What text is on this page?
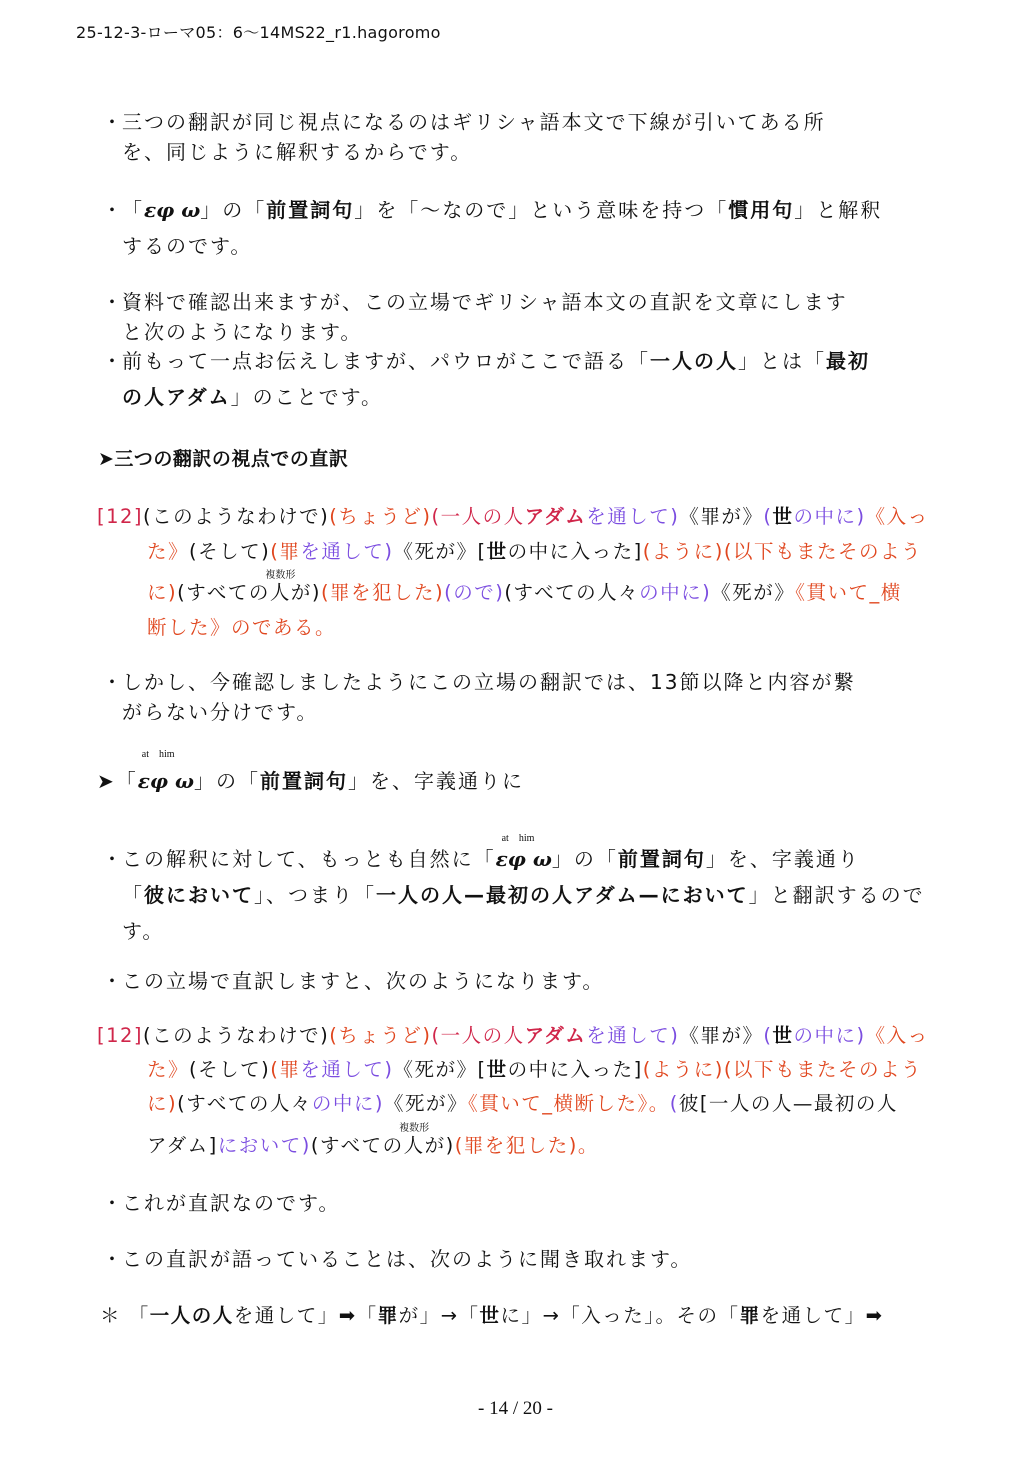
25-12-3-ローマ05：6〜14MS22_r1.hagoromo
・
三つの翻訳が同じ視点になるのはギリシャ語本文で下線が引いてある所
を、同じように解釈するからです。
・
「εφ ω」の「前置詞句」を「〜なので」という意味を持つ「慣用句」と解釈
するのです。
・
資料で確認出来ますが、この立場でギリシャ語本文の直訳を文章にします
と次のようになります。
・
前もって一点お伝えしますが、パウロがここで語る「一人の人」とは「最初
の人アダム」のことです。
➤三つの翻訳の視点での直訳
[12](このようなわけで)(ちょうど)(一人の人アダムを通して)《罪が》(世の中に)《入っ
た》(そして)(罪を通して)《死が》[世の中に入った](ように)(以下もまたそのよう
に)(すべての
複数形
人が)(罪を犯した)(ので)(すべての人々の中に)《死が》《貫いて_横
断した》のである。
・
しかし、今確認しましたようにこの立場の翻訳では、13節以降と内容が繋
がらない分けです。
➤「
at him
εφ ω」の「前置詞句」を、字義通りに
・
この解釈に対して、もっとも自然に「
at him
εφ ω」の「前置詞句」を、字義通り
「彼において」、つまり「一人の人—最初の人アダム—において」と翻訳するので
す。
・
この立場で直訳しますと、次のようになります。
[12](このようなわけで)(ちょうど)(一人の人アダムを通して)《罪が》(世の中に)《入っ
た》(そして)(罪を通して)《死が》[世の中に入った](ように)(以下もまたそのよう
に)(すべての人々の中に)《死が》《貫いて_横断した》。(彼[一人の人—最初の人
アダム]において)(すべての
複数形
人が)(罪を犯した)。
・
これが直訳なのです。
・
この直訳が語っていることは、次のように聞き取れます。
＊ 「一人の人を通して」➡「罪が」→「世に」→「入った」。その「罪を通して」➡
- 14 / 20 -
